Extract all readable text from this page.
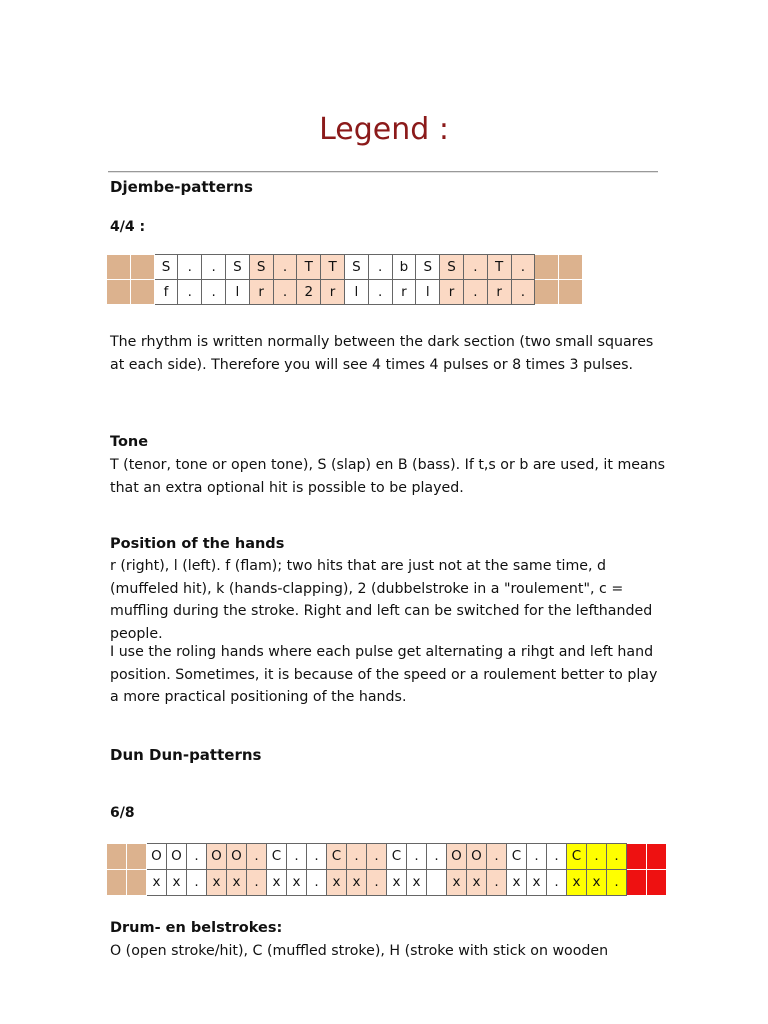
Legend :
Djembe-patterns
4/4 :
		S	.	.	S	S	.	T	T	S	.	b	S	S	.	T	.		
		f	.	.	l	r	.	2	r	l	.	r	l	r	.	r	.		
The rhythm is written normally between the dark section (two small squares at each side). Therefore you will see 4 times 4 pulses or 8 times 3 pulses.
Tone
T (tenor, tone or open tone), S (slap) en B (bass). If t,s or b are used, it means that an extra optional hit is possible to be played.
Position of the hands
r (right), l (left). f (flam); two hits that are just not at the same time, d (muffeled hit), k (hands-clapping), 2 (dubbelstroke in a "roulement", c = muffling during the stroke. Right and left can be switched for the lefthanded people.
I use the roling hands where each pulse get alternating a rihgt and left hand position. Sometimes, it is because of the speed or a roulement better to play a more practical positioning of the hands.
Dun Dun-patterns
6/8
		O	O	.	O	O	.	C	.	.	C	.	.	C	.	.	O	O	.	C	.	.	C	.	.		
		x	x	.	x	x	.	x	x	.	x	x	.	x	x		x	x	.	x	x	.	x	x	.		
Drum- en belstrokes:
O (open stroke/hit), C (muffled stroke), H (stroke with stick on wooden
